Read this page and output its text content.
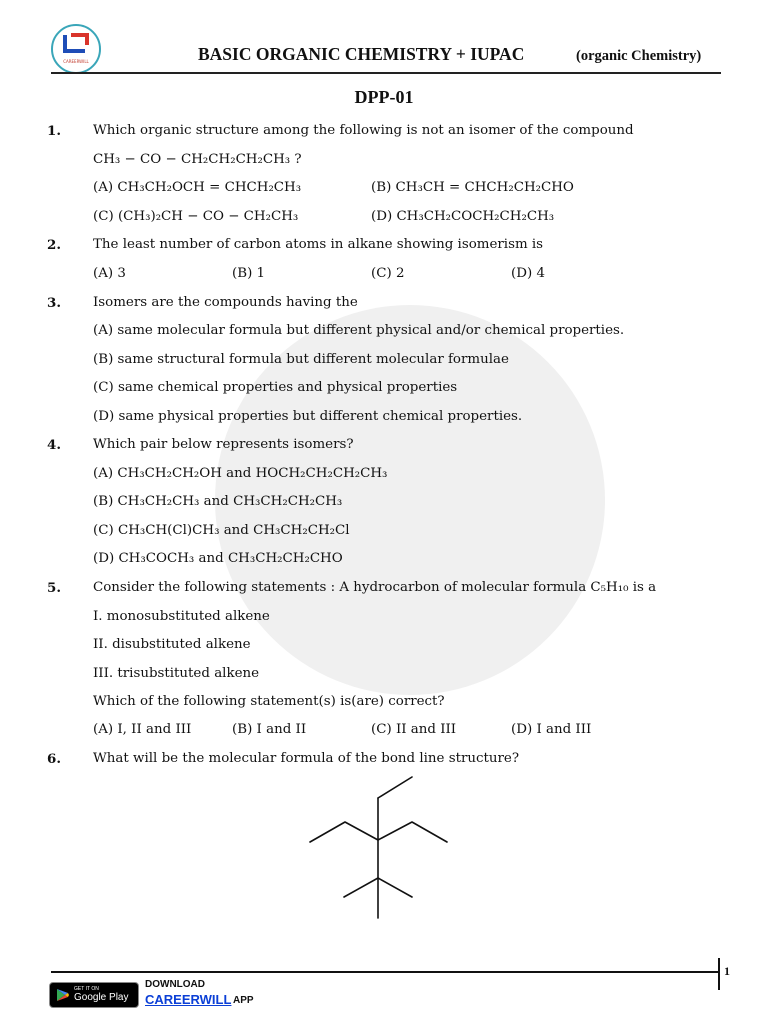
CAREERWILL	BASIC ORGANIC CHEMISTRY + IUPAC	(organic Chemistry)
DPP-01
1. Which organic structure among the following is not an isomer of the compound
CH₃ − CO − CH₂CH₂CH₂CH₃ ?
(A) CH₃CH₂OCH = CHCH₂CH₃	(B) CH₃CH = CHCH₂CH₂CHO
(C) (CH₃)₂CH − CO − CH₂CH₃	(D) CH₃CH₂COCH₂CH₂CH₃
2. The least number of carbon atoms in alkane showing isomerism is
(A) 3	(B) 1	(C) 2	(D) 4
3. Isomers are the compounds having the
(A) same molecular formula but different physical and/or chemical properties.
(B) same structural formula but different molecular formulae
(C) same chemical properties and physical properties
(D) same physical properties but different chemical properties.
4. Which pair below represents isomers?
(A) CH₃CH₂CH₂OH and HOCH₂CH₂CH₂CH₃
(B) CH₃CH₂CH₃ and CH₃CH₂CH₂CH₃
(C) CH₃CH(Cl)CH₃ and CH₃CH₂CH₂Cl
(D) CH₃COCH₃ and CH₃CH₂CH₂CHO
5. Consider the following statements : A hydrocarbon of molecular formula C₅H₁₀ is a
I. monosubstituted alkene
II. disubstituted alkene
III. trisubstituted alkene
Which of the following statement(s) is(are) correct?
(A) I, II and III	(B) I and II	(C) II and III	(D) I and III
6. What will be the molecular formula of the bond line structure?
1
GET IT ON
Google Play
DOWNLOAD
CAREERWILL APP
